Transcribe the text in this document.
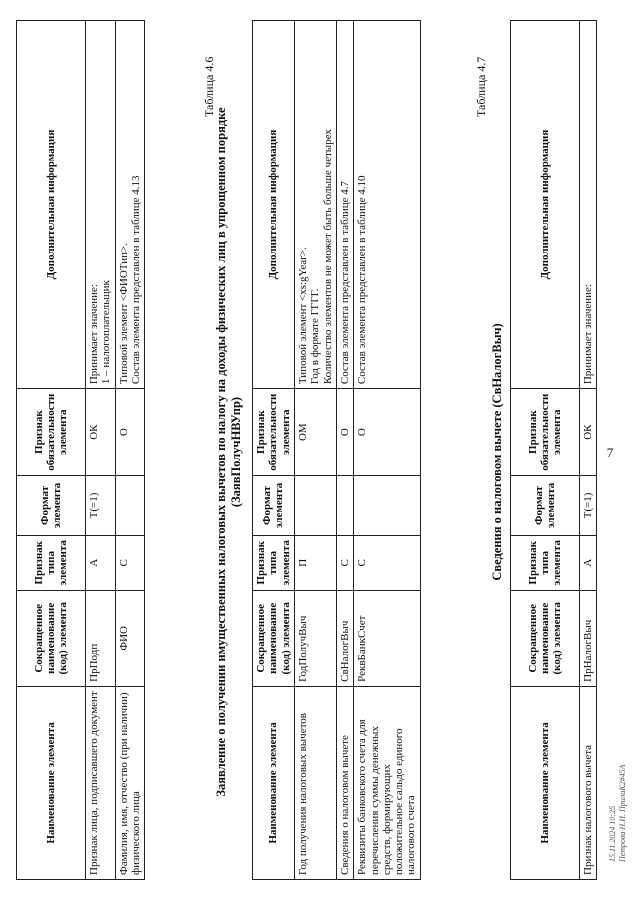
7
Наименование элемента	Сокращенное наименование (код) элемента	Признак типа элемента	Формат элемента	Признак обязательности элемента	Дополнительная информация
Признак лица, подписавшего документ	ПрПодп	А	T(=1)	ОК	Принимает значение:
1 – налогоплательщик
Фамилия, имя, отчество (при наличии) физического лица	ФИО	С		О	Типовой элемент <ФИОТип>.
Состав элемента представлен в таблице 4.13
Таблица 4.6
Заявление о получении имущественных налоговых вычетов по налогу на доходы физических лиц в упрощенном порядке (ЗаявПолучНВУпр)
Наименование элемента	Сокращенное наименование (код) элемента	Признак типа элемента	Формат элемента	Признак обязательности элемента	Дополнительная информация
Год получения налоговых вычетов	ГодПолучВыч	П		ОМ	Типовой элемент <xs:gYear>.
Год в формате ГГГГ.
Количество элементов не может быть больше четырех
Сведения о налоговом вычете	СвНалогВыч	С		О	Состав элемента представлен в таблице 4.7
Реквизиты банковского счета для перечисления суммы денежных средств, формирующих положительное сальдо единого налогового счета	РеквБанкСчет	С		О	Состав элемента представлен в таблице 4.10
Таблица 4.7
Сведения о налоговом вычете (СвНалогВыч)
Наименование элемента	Сокращенное наименование (код) элемента	Признак типа элемента	Формат элемента	Признак обязательности элемента	Дополнительная информация
Признак налогового вычета	ПрНалогВыч	А	T(=1)	ОК	Принимает значение:
15.11.2024 10:25 Петрова Н.И. ПрилаК2#45А
